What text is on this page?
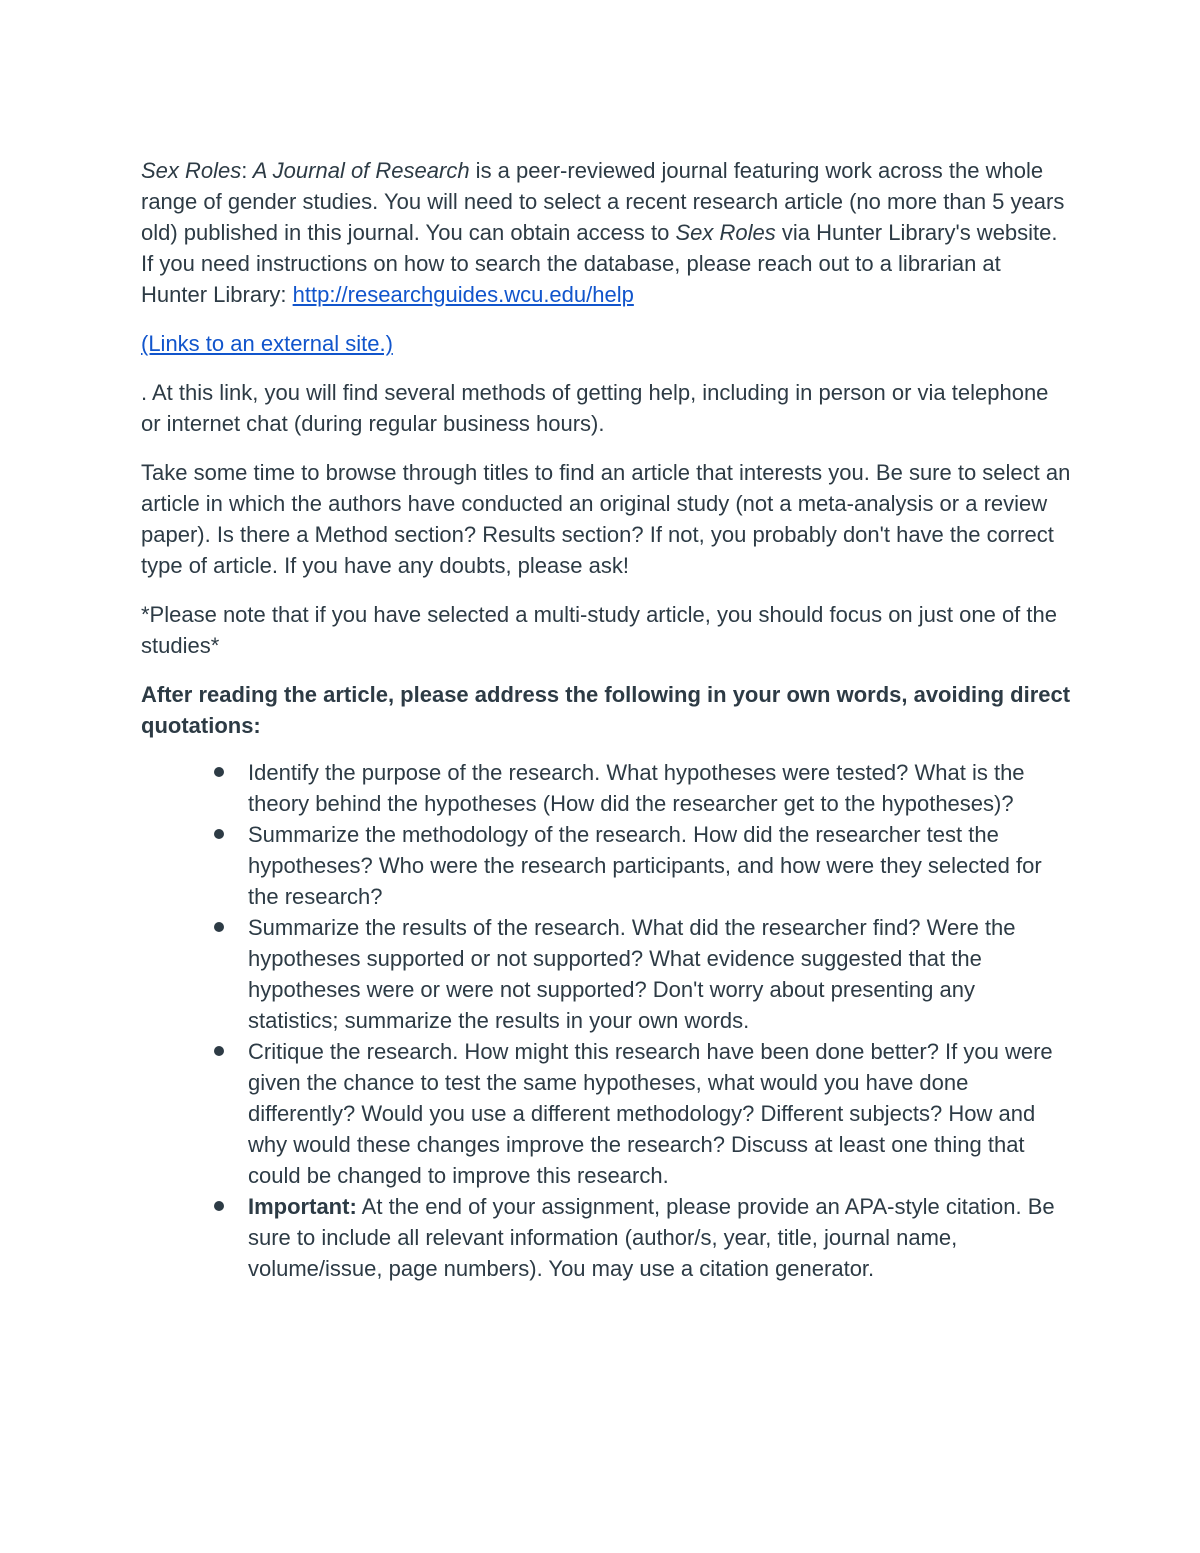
Sex Roles: A Journal of Research is a peer-reviewed journal featuring work across the whole range of gender studies. You will need to select a recent research article (no more than 5 years old) published in this journal. You can obtain access to Sex Roles via Hunter Library's website. If you need instructions on how to search the database, please reach out to a librarian at Hunter Library: http://researchguides.wcu.edu/help

(Links to an external site.)

. At this link, you will find several methods of getting help, including in person or via telephone or internet chat (during regular business hours).

Take some time to browse through titles to find an article that interests you. Be sure to select an article in which the authors have conducted an original study (not a meta-analysis or a review paper). Is there a Method section? Results section? If not, you probably don't have the correct type of article. If you have any doubts, please ask!

*Please note that if you have selected a multi-study article, you should focus on just one of the studies*

After reading the article, please address the following in your own words, avoiding direct quotations:

Identify the purpose of the research. What hypotheses were tested? What is the theory behind the hypotheses (How did the researcher get to the hypotheses)?
Summarize the methodology of the research. How did the researcher test the hypotheses? Who were the research participants, and how were they selected for the research?
Summarize the results of the research. What did the researcher find? Were the hypotheses supported or not supported? What evidence suggested that the hypotheses were or were not supported? Don't worry about presenting any statistics; summarize the results in your own words.
Critique the research. How might this research have been done better? If you were given the chance to test the same hypotheses, what would you have done differently? Would you use a different methodology? Different subjects? How and why would these changes improve the research? Discuss at least one thing that could be changed to improve this research.
Important: At the end of your assignment, please provide an APA-style citation. Be sure to include all relevant information (author/s, year, title, journal name, volume/issue, page numbers). You may use a citation generator.
